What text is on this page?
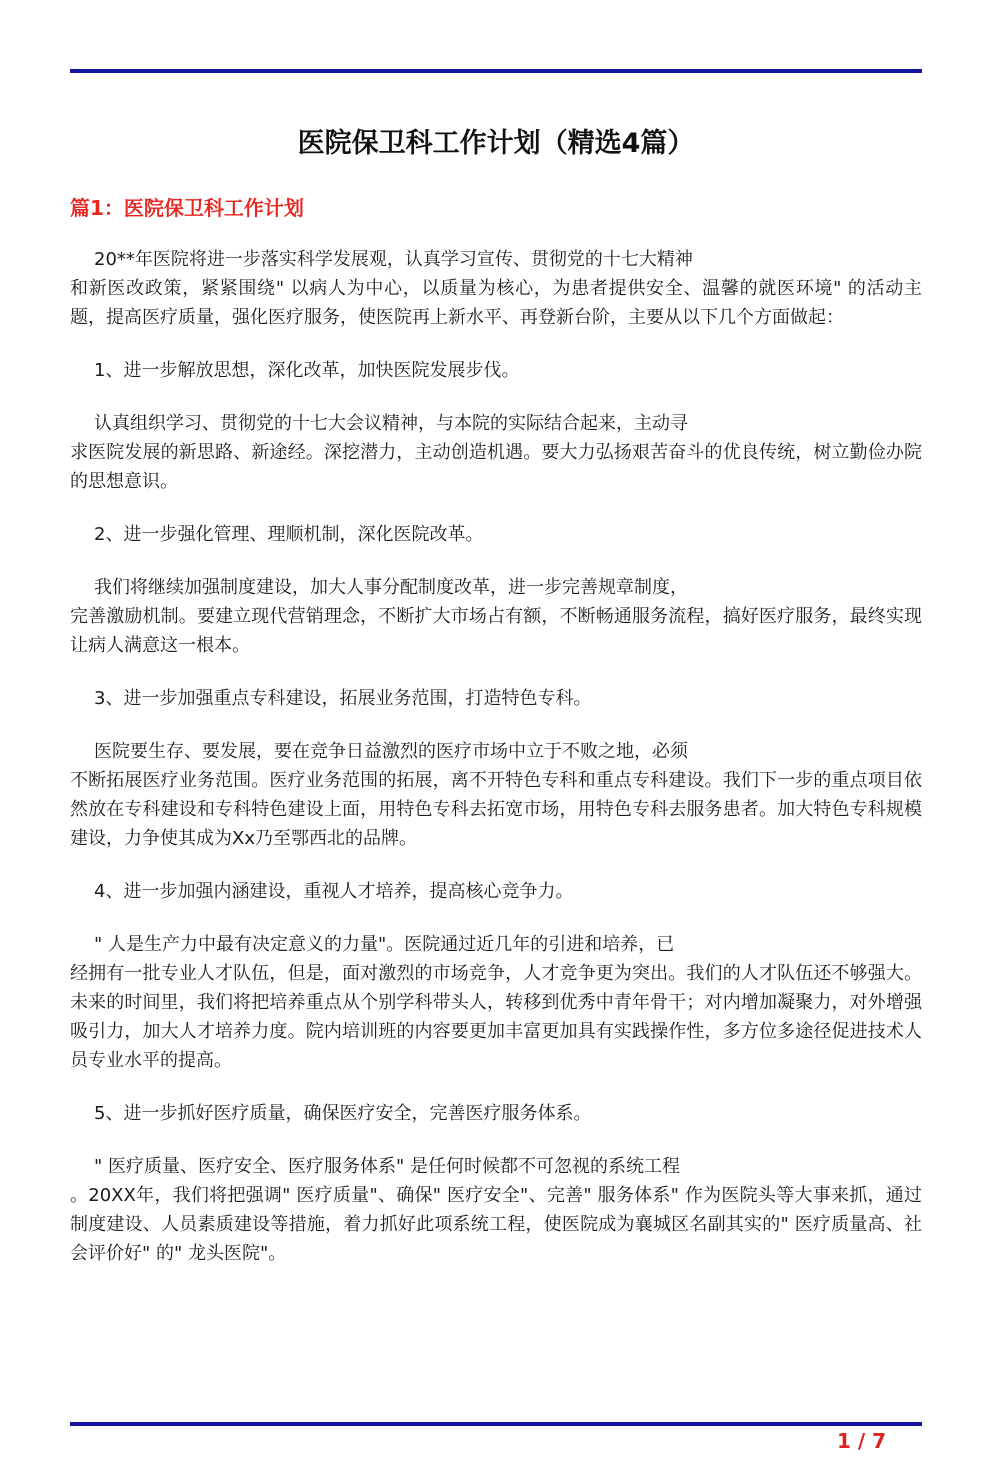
医院保卫科工作计划（精选4篇）
篇1：医院保卫科工作计划

20**年医院将进一步落实科学发展观，认真学习宣传、贯彻党的十七大精神
和新医改政策，紧紧围绕" 以病人为中心，以质量为核心，为患者提供安全、温馨的就医环境" 的活动主题，提高医疗质量，强化医疗服务，使医院再上新水平、再登新台阶，主要从以下几个方面做起：

1、进一步解放思想，深化改革，加快医院发展步伐。

认真组织学习、贯彻党的十七大会议精神，与本院的实际结合起来，主动寻
求医院发展的新思路、新途经。深挖潜力，主动创造机遇。要大力弘扬艰苦奋斗的优良传统，树立勤俭办院的思想意识。

2、进一步强化管理、理顺机制，深化医院改革。

我们将继续加强制度建设，加大人事分配制度改革，进一步完善规章制度，
完善激励机制。要建立现代营销理念，不断扩大市场占有额，不断畅通服务流程，搞好医疗服务，最终实现让病人满意这一根本。

3、进一步加强重点专科建设，拓展业务范围，打造特色专科。

医院要生存、要发展，要在竞争日益激烈的医疗市场中立于不败之地，必须
不断拓展医疗业务范围。医疗业务范围的拓展，离不开特色专科和重点专科建设。我们下一步的重点项目依然放在专科建设和专科特色建设上面，用特色专科去拓宽市场，用特色专科去服务患者。加大特色专科规模建设，力争使其成为Xx乃至鄂西北的品牌。

4、进一步加强内涵建设，重视人才培养，提高核心竞争力。

" 人是生产力中最有决定意义的力量"。医院通过近几年的引进和培养，已
经拥有一批专业人才队伍，但是，面对激烈的市场竞争，人才竞争更为突出。我们的人才队伍还不够强大。未来的时间里，我们将把培养重点从个别学科带头人，转移到优秀中青年骨干；对内增加凝聚力，对外增强吸引力，加大人才培养力度。院内培训班的内容要更加丰富更加具有实践操作性，多方位多途径促进技术人员专业水平的提高。

5、进一步抓好医疗质量，确保医疗安全，完善医疗服务体系。

" 医疗质量、医疗安全、医疗服务体系" 是任何时候都不可忽视的系统工程
。20XX年，我们将把强调" 医疗质量"、确保" 医疗安全"、完善" 服务体系" 作为医院头等大事来抓，通过制度建设、人员素质建设等措施，着力抓好此项系统工程，使医院成为襄城区名副其实的" 医疗质量高、社会评价好" 的" 龙头医院"。

1 / 7
